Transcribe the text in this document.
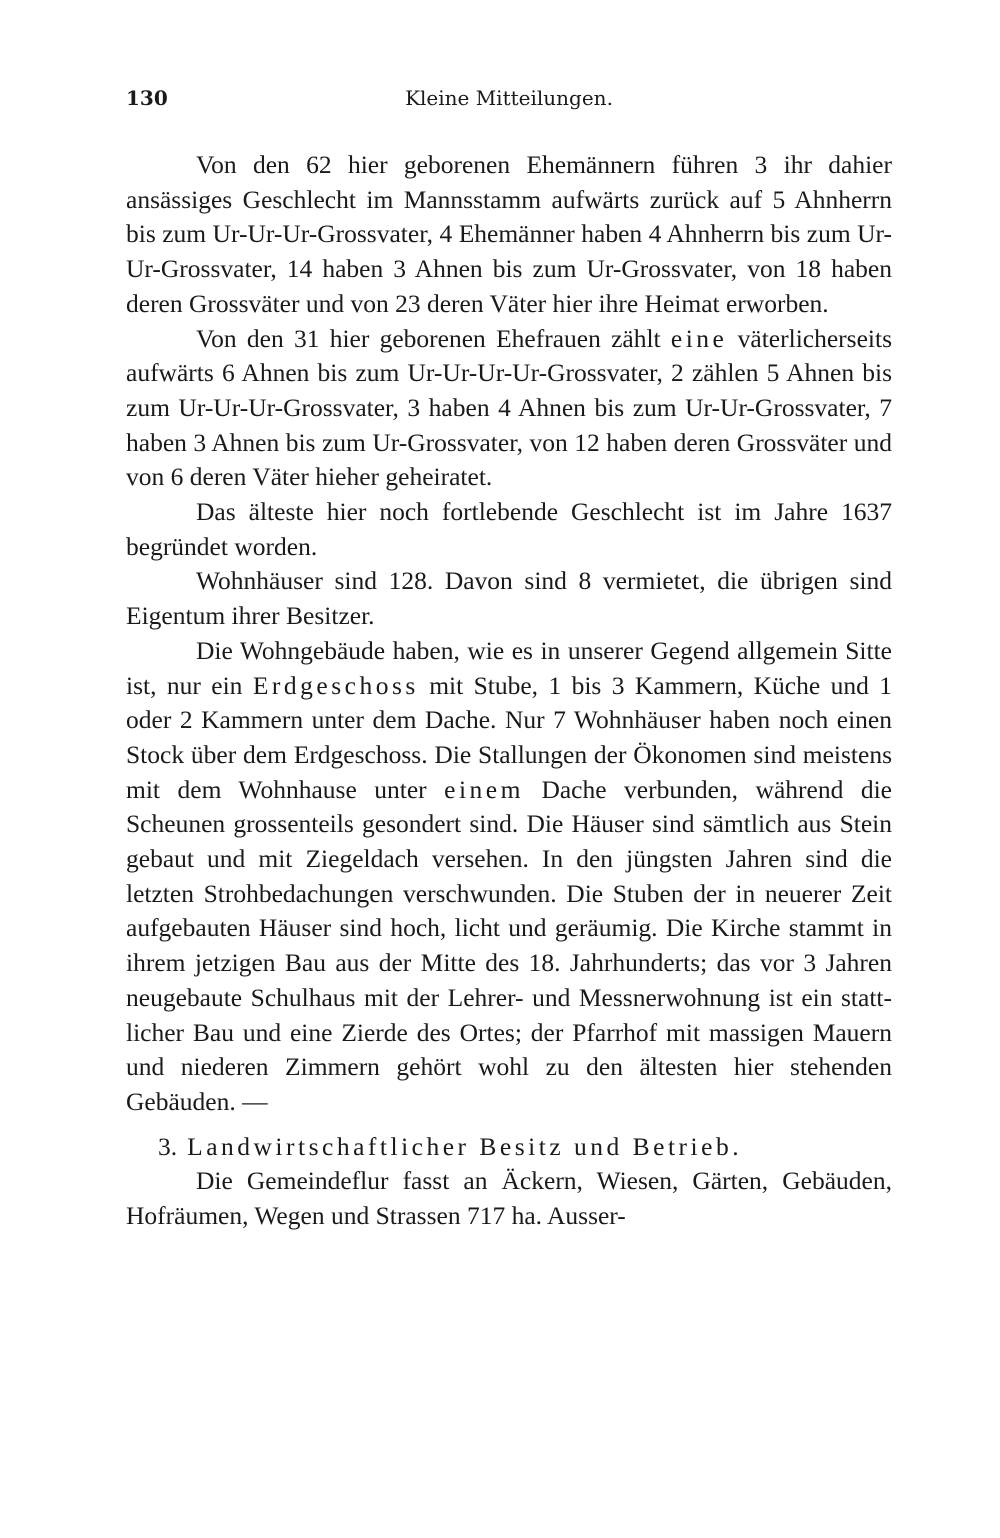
130	Kleine Mitteilungen.

Von den 62 hier geborenen Ehemännern führen 3 ihr dahier ansässiges Geschlecht im Mannsstamm aufwärts zurück auf 5 Ahnherrn bis zum Ur-Ur-Ur-Grossvater, 4 Ehemänner haben 4 Ahnherrn bis zum Ur-Ur-Grossvater, 14 haben 3 Ahnen bis zum Ur-Grossvater, von 18 haben deren Grossväter und von 23 deren Väter hier ihre Heimat erworben.

Von den 31 hier geborenen Ehefrauen zählt eine väterlicherseits aufwärts 6 Ahnen bis zum Ur-Ur-Ur-Ur-Grossvater, 2 zählen 5 Ahnen bis zum Ur-Ur-Ur-Grossvater, 3 haben 4 Ahnen bis zum Ur-Ur-Grossvater, 7 haben 3 Ahnen bis zum Ur-Grossvater, von 12 haben deren Grossväter und von 6 deren Väter hieher geheiratet.

Das älteste hier noch fortlebende Geschlecht ist im Jahre 1637 begründet worden.

Wohnhäuser sind 128. Davon sind 8 vermietet, die übrigen sind Eigentum ihrer Besitzer.

Die Wohngebäude haben, wie es in unserer Gegend allgemein Sitte ist, nur ein Erdgeschoss mit Stube, 1 bis 3 Kammern, Küche und 1 oder 2 Kammern unter dem Dache. Nur 7 Wohnhäuser haben noch einen Stock über dem Erdgeschoss. Die Stallungen der Ökonomen sind meistens mit dem Wohnhause unter einem Dache verbunden, während die Scheunen grossenteils gesondert sind. Die Häuser sind sämtlich aus Stein gebaut und mit Ziegeldach versehen. In den jüngsten Jahren sind die letzten Strohbedachungen verschwunden. Die Stuben der in neuerer Zeit aufgebauten Häuser sind hoch, licht und geräumig. Die Kirche stammt in ihrem jetzigen Bau aus der Mitte des 18. Jahrhunderts; das vor 3 Jahren neugebaute Schulhaus mit der Lehrer- und Messnerwohnung ist ein stattlicher Bau und eine Zierde des Ortes; der Pfarrhof mit massigen Mauern und niederen Zimmern gehört wohl zu den ältesten hier stehenden Gebäuden. —

3. Landwirtschaftlicher Besitz und Betrieb.

Die Gemeindeflur fasst an Äckern, Wiesen, Gärten, Gebäuden, Hofräumen, Wegen und Strassen 717 ha. Ausser-
